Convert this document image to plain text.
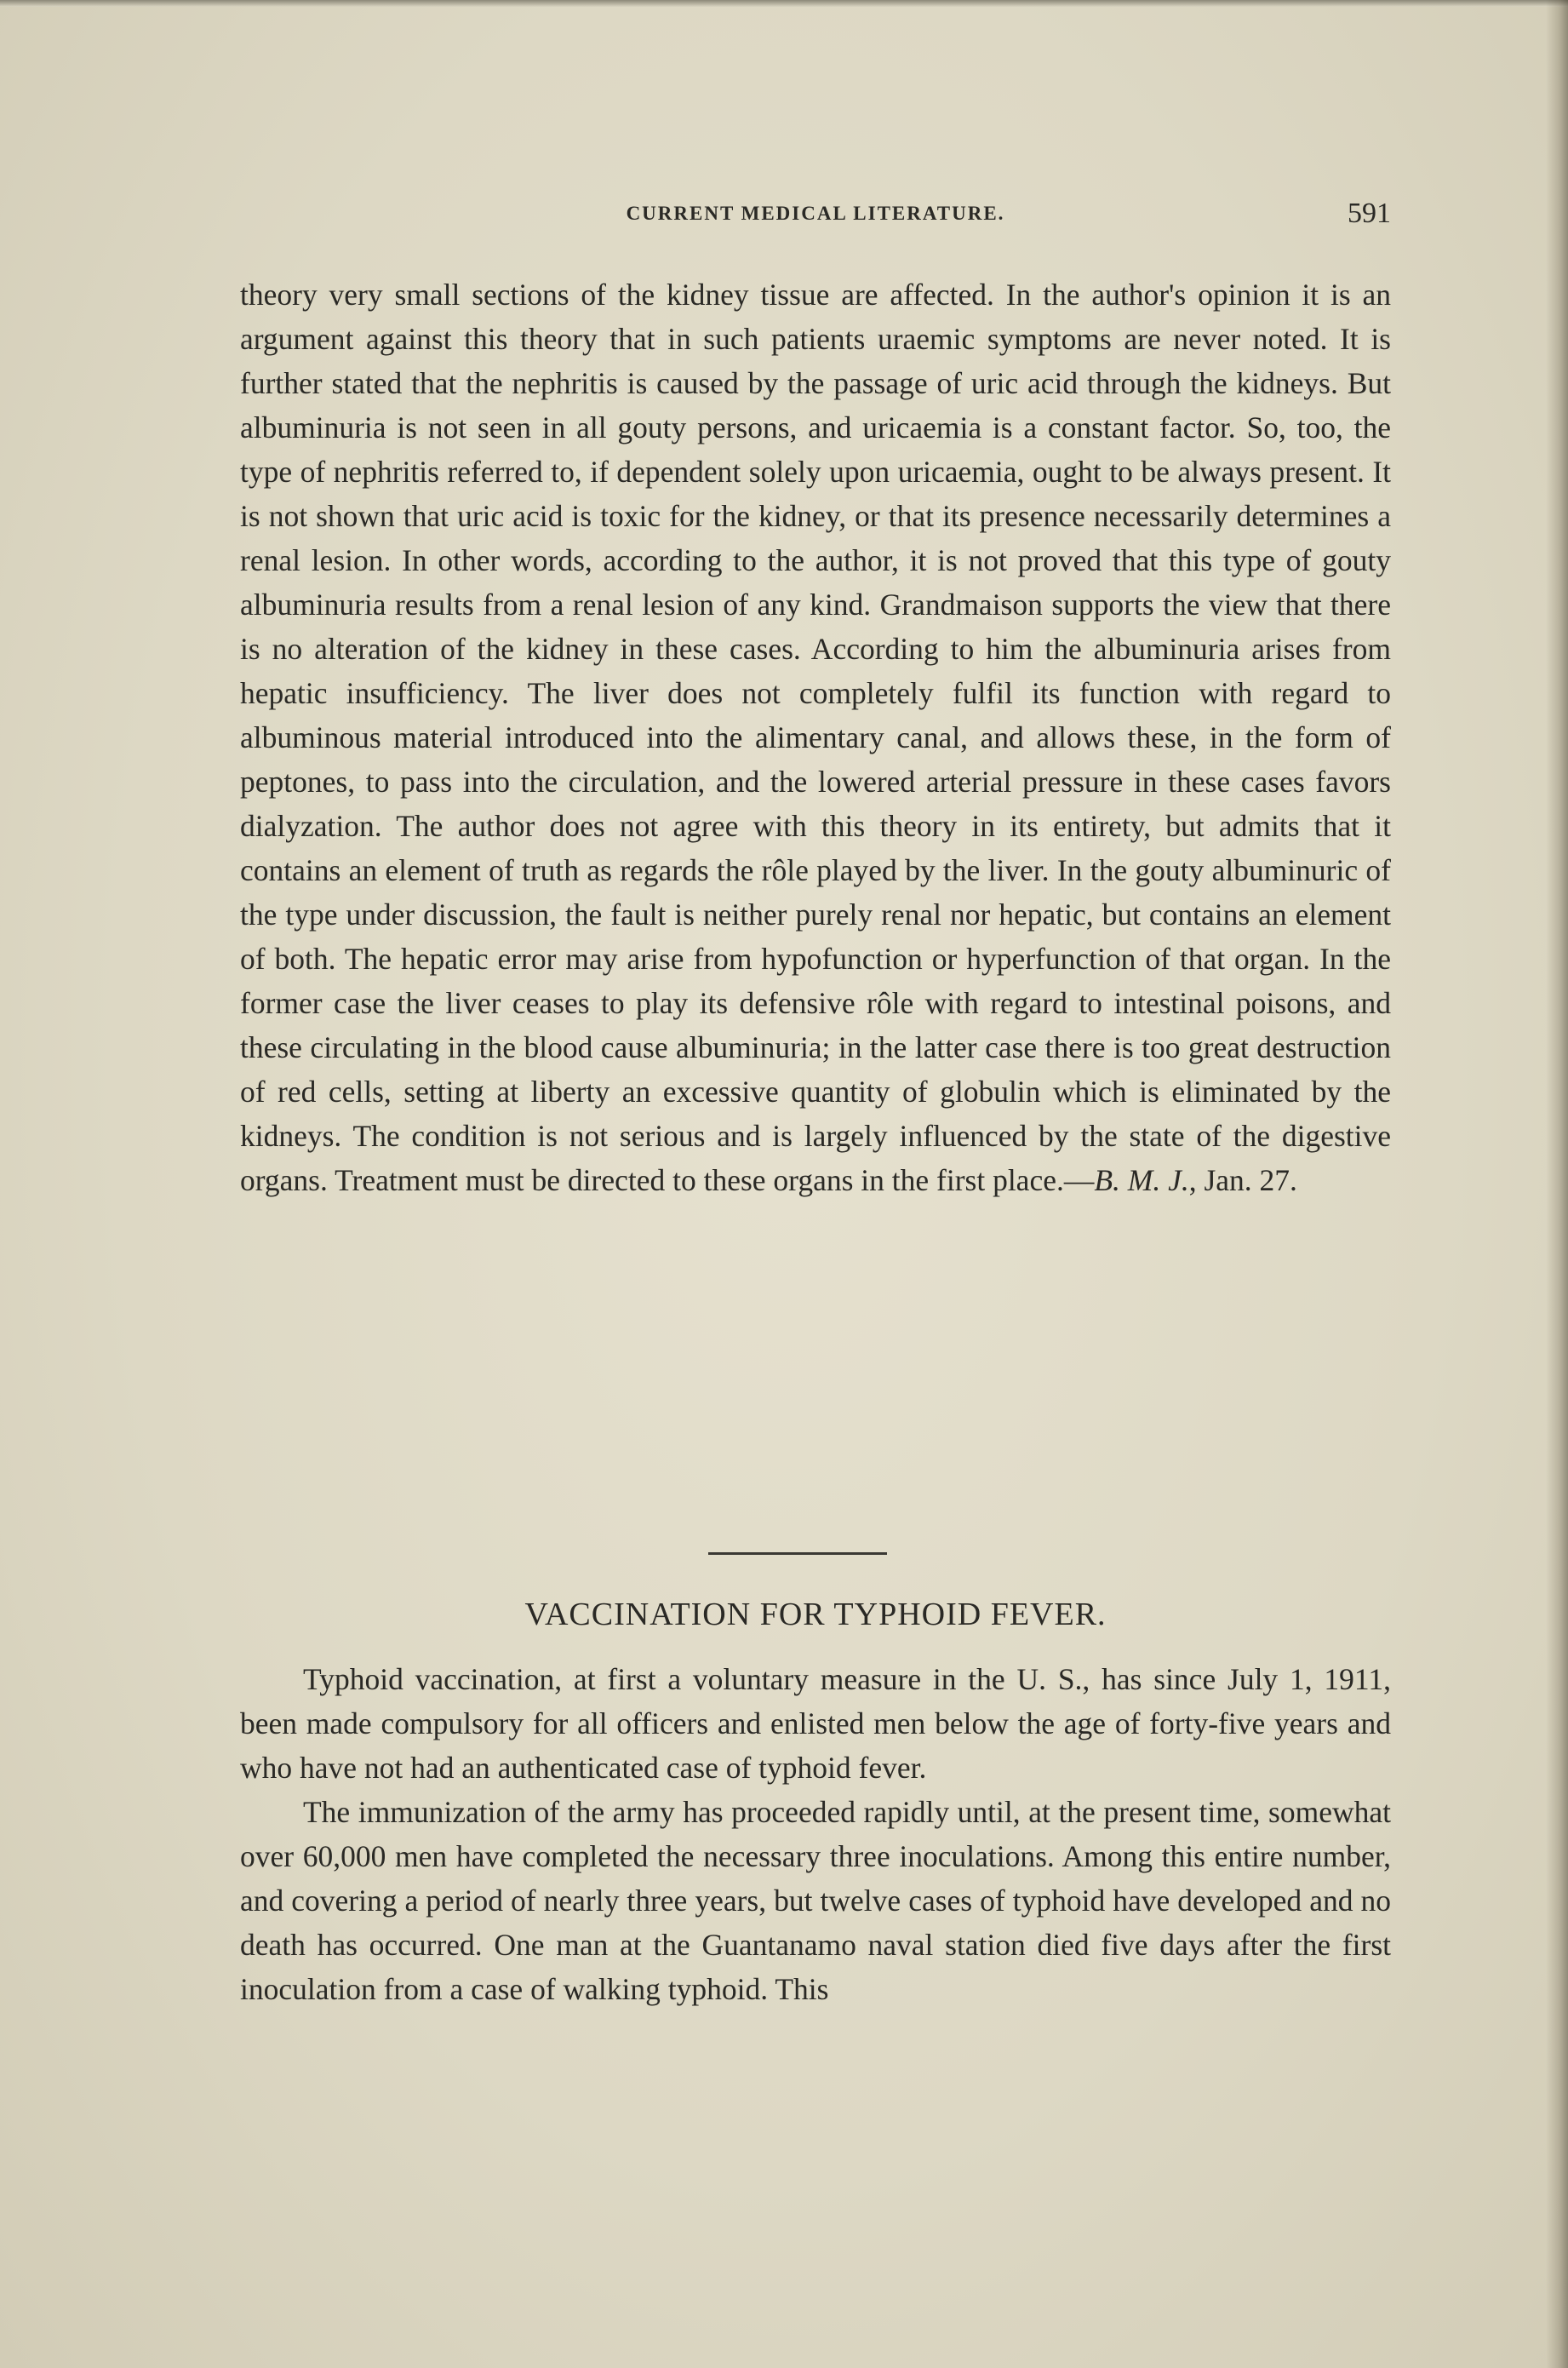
CURRENT MEDICAL LITERATURE.	591

theory very small sections of the kidney tissue are affected. In the author's opinion it is an argument against this theory that in such patients uraemic symptoms are never noted. It is further stated that the nephritis is caused by the passage of uric acid through the kidneys. But albuminuria is not seen in all gouty persons, and uricaemia is a constant factor. So, too, the type of nephritis referred to, if dependent solely upon uricaemia, ought to be always present. It is not shown that uric acid is toxic for the kidney, or that its presence necessarily determines a renal lesion. In other words, according to the author, it is not proved that this type of gouty albuminuria results from a renal lesion of any kind. Grandmaison supports the view that there is no alteration of the kidney in these cases. According to him the albuminuria arises from hepatic insufficiency. The liver does not completely fulfil its function with regard to albuminous material introduced into the alimentary canal, and allows these, in the form of peptones, to pass into the circulation, and the lowered arterial pressure in these cases favors dialyzation. The author does not agree with this theory in its entirety, but admits that it contains an element of truth as regards the rôle played by the liver. In the gouty albuminuric of the type under discussion, the fault is neither purely renal nor hepatic, but contains an element of both. The hepatic error may arise from hypofunction or hyperfunction of that organ. In the former case the liver ceases to play its defensive rôle with regard to intestinal poisons, and these circulating in the blood cause albuminuria; in the latter case there is too great destruction of red cells, setting at liberty an excessive quantity of globulin which is eliminated by the kidneys. The condition is not serious and is largely influenced by the state of the digestive organs. Treatment must be directed to these organs in the first place.—B. M. J., Jan. 27.

VACCINATION FOR TYPHOID FEVER.

Typhoid vaccination, at first a voluntary measure in the U. S., has since July 1, 1911, been made compulsory for all officers and enlisted men below the age of forty-five years and who have not had an authenticated case of typhoid fever.

The immunization of the army has proceeded rapidly until, at the present time, somewhat over 60,000 men have completed the necessary three inoculations. Among this entire number, and covering a period of nearly three years, but twelve cases of typhoid have developed and no death has occurred. One man at the Guantanamo naval station died five days after the first inoculation from a case of walking typhoid. This
